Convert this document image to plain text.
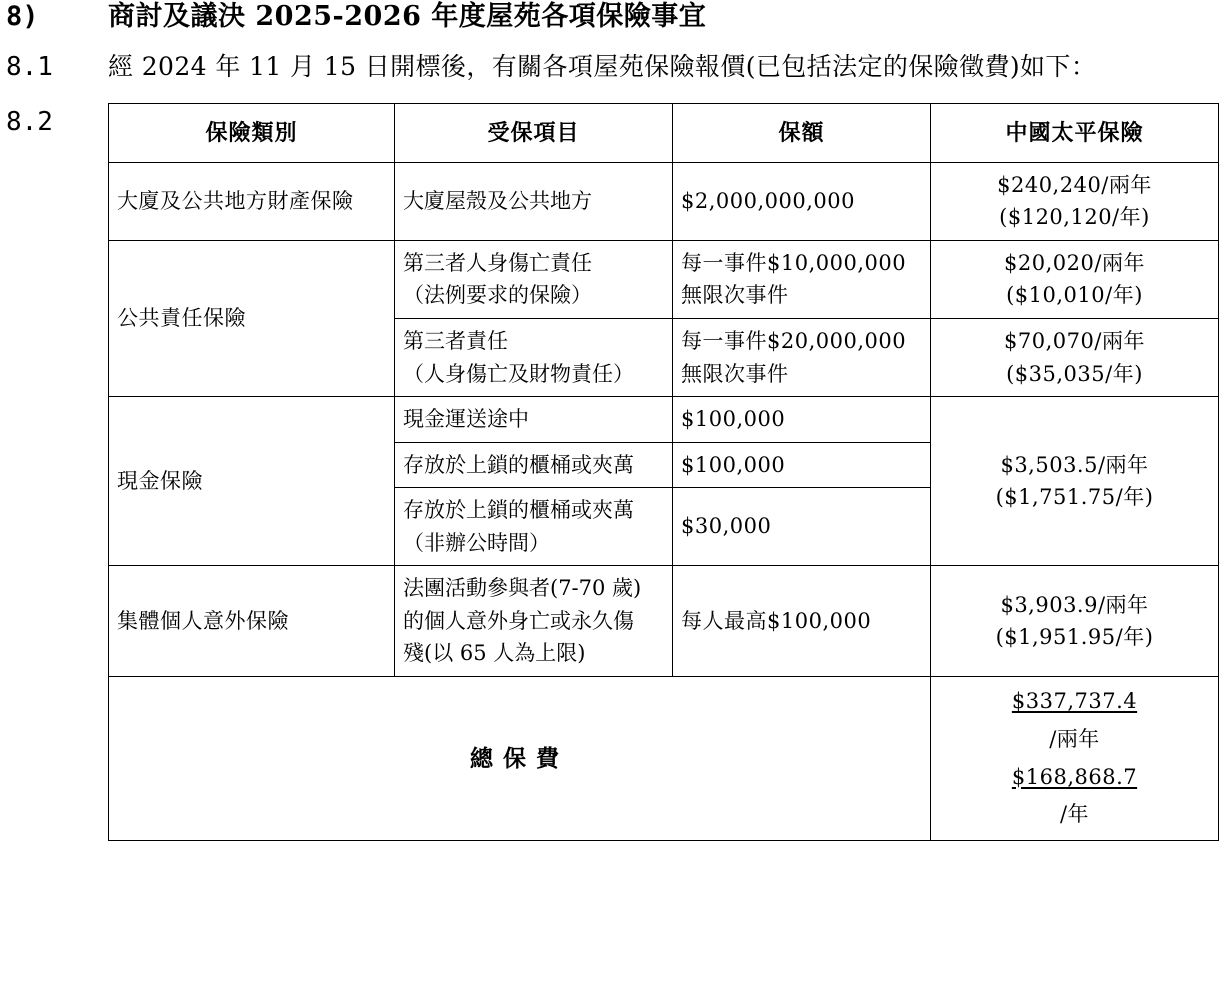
8)	商討及議決 2025-2026 年度屋苑各項保險事宜
8.1	經 2024 年 11 月 15 日開標後，有關各項屋苑保險報價(已包括法定的保險徵費)如下：
8.2	保險類別	受保項目	保額	中國太平保險
大廈及公共地方財產保險	大廈屋殼及公共地方	$2,000,000,000	$240,240/兩年
($120,120/年)

公共責任保險	第三者人身傷亡責任
（法例要求的保險）	每一事件$10,000,000
無限次事件	$20,020/兩年
($10,010/年)

	第三者責任
（人身傷亡及財物責任）	每一事件$20,000,000
無限次事件	$70,070/兩年
($35,035/年)

現金保險	現金運送途中	$100,000	$3,503.5/兩年
($1,751.75/年)

	存放於上鎖的櫃桶或夾萬	$100,000	

	存放於上鎖的櫃桶或夾萬
（非辦公時間）	$30,000	
集體個人意外保險	法團活動參與者(7-70 歲)
的個人意外身亡或永久傷
殘(以 65 人為上限)	每人最高$100,000	$3,903.9/兩年
($1,951.95/年)

總保費			$337,737.4
/兩年
$168,868.7
/年
